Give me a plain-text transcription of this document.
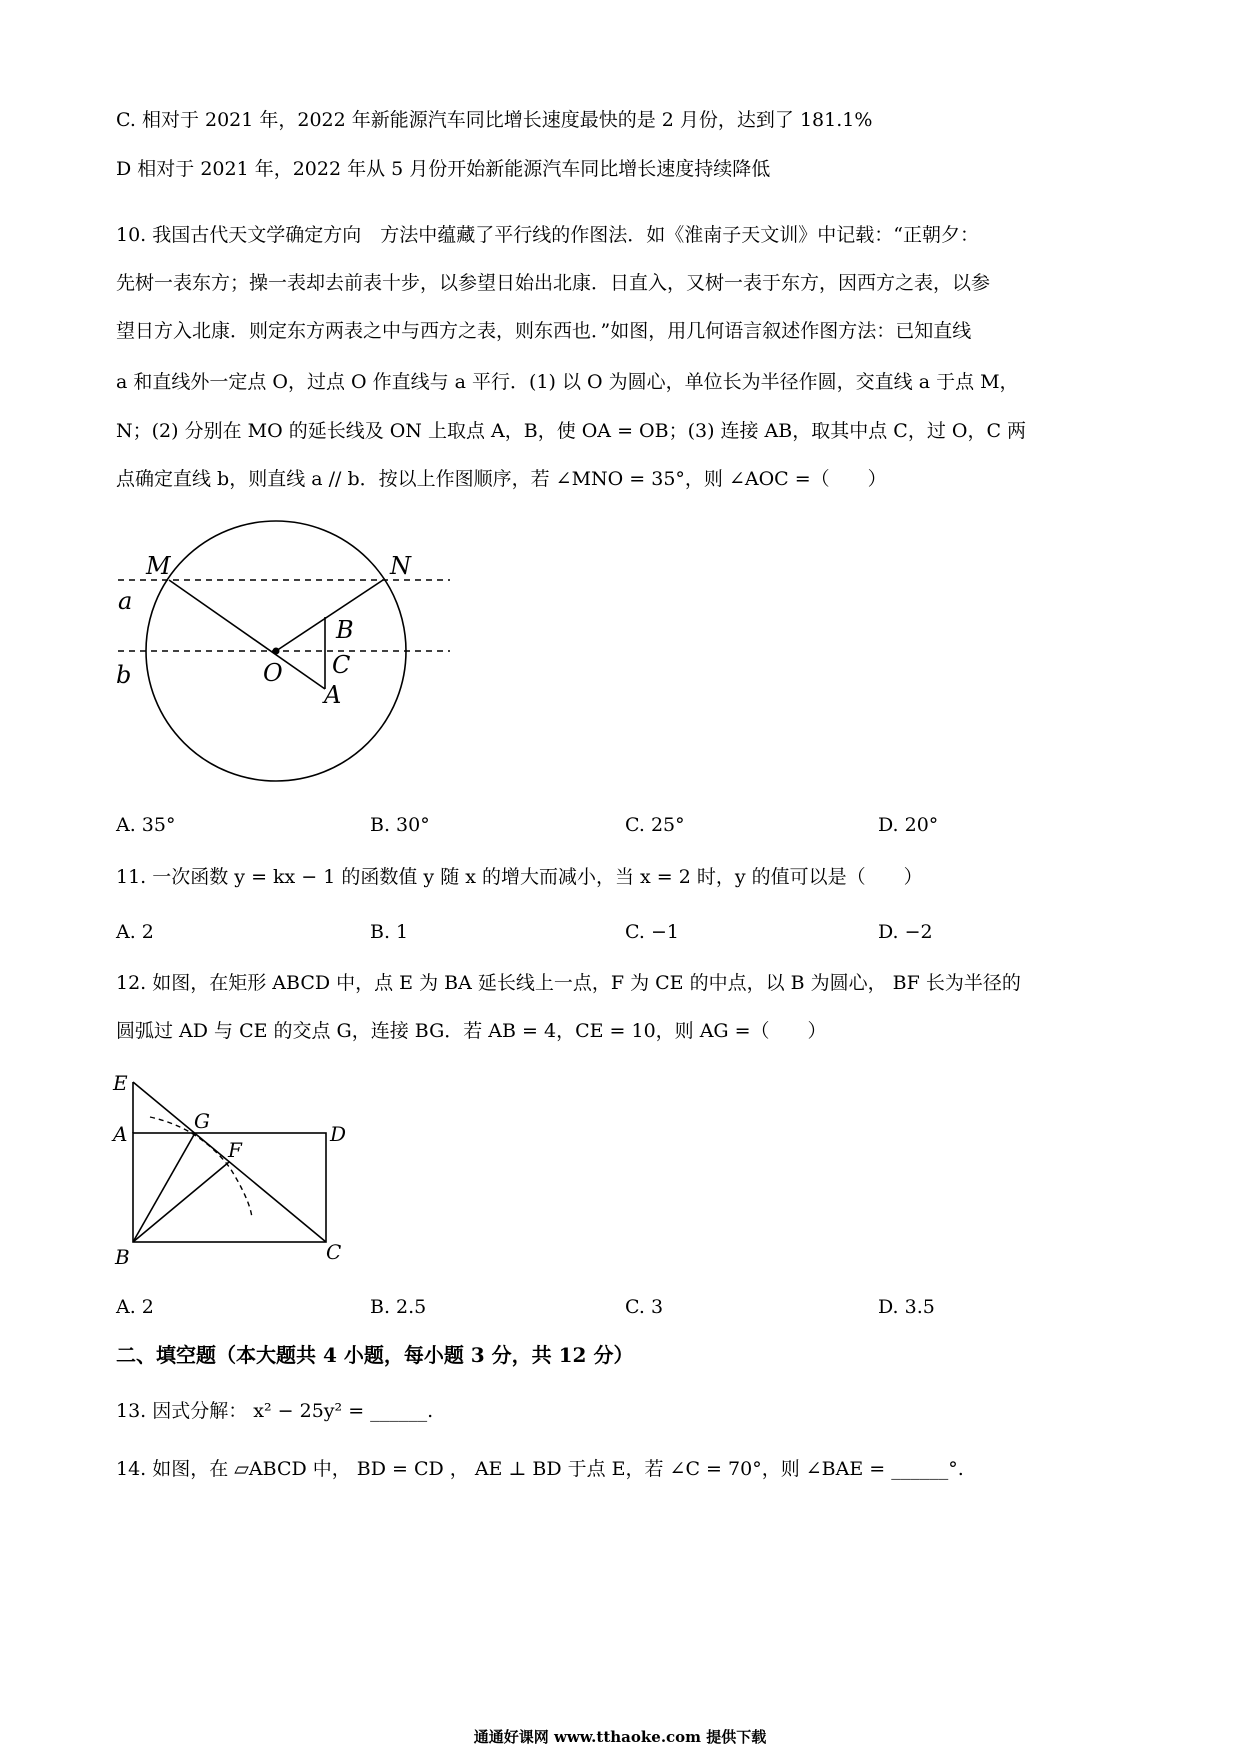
C. 相对于 2021 年，2022 年新能源汽车同比增长速度最快的是 2 月份，达到了 181.1%
D 相对于 2021 年，2022 年从 5 月份开始新能源汽车同比增长速度持续降低
10. 我国古代天文学确定方向　方法中蕴藏了平行线的作图法．如《淮南子天文训》中记载：“正朝夕：
先树一表东方；操一表却去前表十步，以参望日始出北康．日直入，又树一表于东方，因西方之表，以参
望日方入北康．则定东方两表之中与西方之表，则东西也．”如图，用几何语言叙述作图方法：已知直线
a 和直线外一定点 O，过点 O 作直线与 a 平行．(1) 以 O 为圆心，单位长为半径作圆，交直线 a 于点 M，
N；(2) 分别在 MO 的延长线及 ON 上取点 A，B，使 OA = OB；(3) 连接 AB，取其中点 C，过 O，C 两
点确定直线 b，则直线 a // b．按以上作图顺序，若 ∠MNO = 35°，则 ∠AOC =（　　）
M	N
a
b	O
B
C
A
A. 35°	B. 30°	C. 25°	D. 20°
11. 一次函数 y = kx − 1 的函数值 y 随 x 的增大而减小，当 x = 2 时，y 的值可以是（　　）
A. 2	B. 1	C. −1	D. −2
12. 如图，在矩形 ABCD 中，点 E 为 BA 延长线上一点，F 为 CE 的中点，以 B 为圆心， BF 长为半径的
圆弧过 AD 与 CE 的交点 G，连接 BG．若 AB = 4，CE = 10，则 AG =（　　）
E
A
G
D
F
B	C
A. 2	B. 2.5	C. 3	D. 3.5
二、填空题（本大题共 4 小题，每小题 3 分，共 12 分）
13. 因式分解： x² − 25y² = ______.
14. 如图，在 ▱ABCD 中， BD = CD ， AE ⊥ BD 于点 E，若 ∠C = 70°，则 ∠BAE = ______°.
通通好课网 www.tthaoke.com 提供下载
